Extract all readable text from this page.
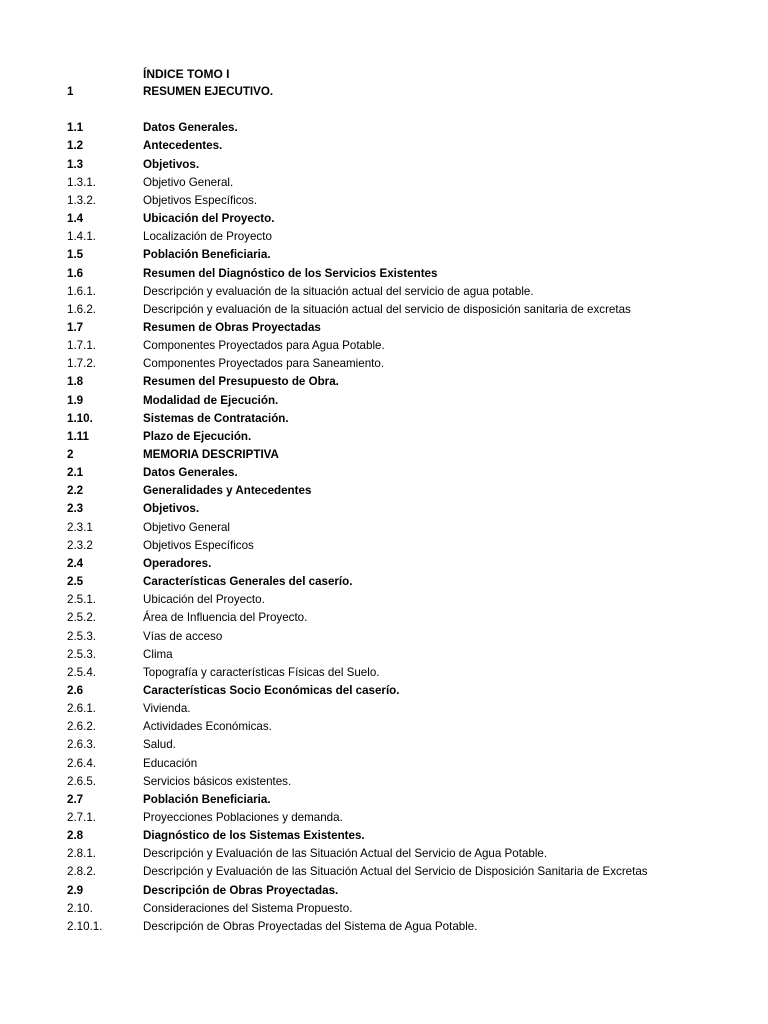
ÍNDICE TOMO I
1	RESUMEN EJECUTIVO.
1.1	Datos Generales.
1.2	Antecedentes.
1.3	Objetivos.
1.3.1.	Objetivo General.
1.3.2.	Objetivos Específicos.
1.4	Ubicación del Proyecto.
1.4.1.	Localización de Proyecto
1.5	Población Beneficiaria.
1.6	Resumen del Diagnóstico de los Servicios Existentes
1.6.1.	Descripción y evaluación de la situación actual del servicio de agua potable.
1.6.2.	Descripción y evaluación de la situación actual del servicio de disposición sanitaria de excretas
1.7	Resumen de Obras Proyectadas
1.7.1.	Componentes Proyectados para Agua Potable.
1.7.2.	Componentes Proyectados para Saneamiento.
1.8	Resumen del Presupuesto de Obra.
1.9	Modalidad de Ejecución.
1.10.	Sistemas de Contratación.
1.11	Plazo de Ejecución.
2	MEMORIA DESCRIPTIVA
2.1	Datos Generales.
2.2	Generalidades y Antecedentes
2.3	Objetivos.
2.3.1	Objetivo General
2.3.2	Objetivos Específicos
2.4	Operadores.
2.5	Características Generales del caserío.
2.5.1.	Ubicación del Proyecto.
2.5.2.	Área de Influencia del Proyecto.
2.5.3.	Vías de acceso
2.5.3.	Clima
2.5.4.	Topografía y características Físicas del Suelo.
2.6	Características Socio Económicas del caserío.
2.6.1.	Vivienda.
2.6.2.	Actividades Económicas.
2.6.3.	Salud.
2.6.4.	Educación
2.6.5.	Servicios básicos existentes.
2.7	Población Beneficiaria.
2.7.1.	Proyecciones Poblaciones y demanda.
2.8	Diagnóstico de los Sistemas Existentes.
2.8.1.	Descripción y Evaluación de las Situación Actual del Servicio de Agua Potable.
2.8.2.	Descripción y Evaluación de las Situación Actual del Servicio de Disposición Sanitaria de Excretas
2.9	Descripción de Obras Proyectadas.
2.10.	Consideraciones del Sistema Propuesto.
2.10.1.	Descripción de Obras Proyectadas del Sistema de Agua Potable.
